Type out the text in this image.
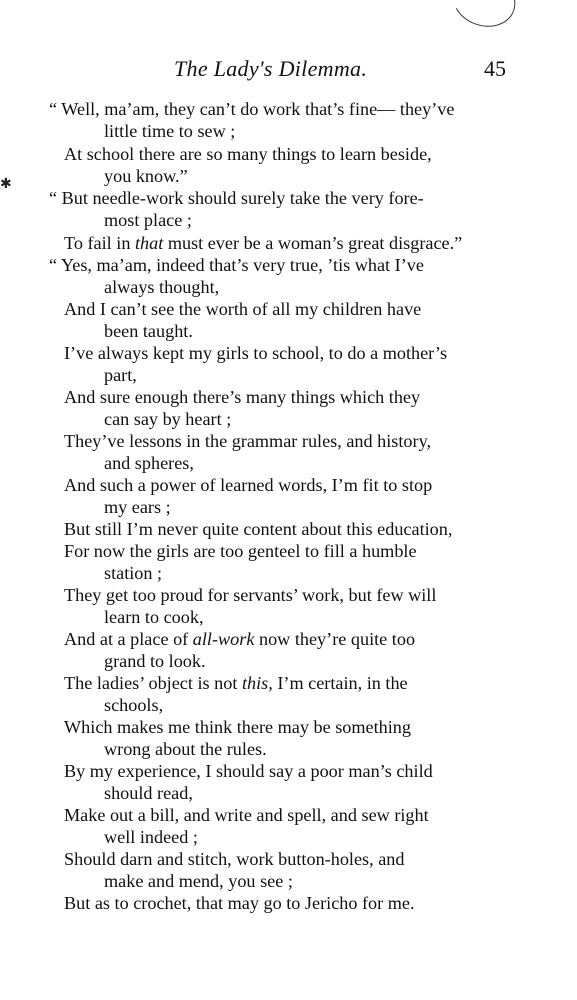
✱
The Lady's Dilemma.	45
“ Well, ma’am, they can’t do work that’s fine— they’ve
little time to sew ;
At school there are so many things to learn beside,
you know.”
“ But needle-work should surely take the very fore-
most place ;
To fail in that must ever be a woman’s great disgrace.”
“ Yes, ma’am, indeed that’s very true, ’tis what I’ve
always thought,
And I can’t see the worth of all my children have
been taught.
I’ve always kept my girls to school, to do a mother’s
part,
And sure enough there’s many things which they
can say by heart ;
They’ve lessons in the grammar rules, and history,
and spheres,
And such a power of learned words, I’m fit to stop
my ears ;
But still I’m never quite content about this education,
For now the girls are too genteel to fill a humble
station ;
They get too proud for servants’ work, but few will
learn to cook,
And at a place of all-work now they’re quite too
grand to look.
The ladies’ object is not this, I’m certain, in the
schools,
Which makes me think there may be something
wrong about the rules.
By my experience, I should say a poor man’s child
should read,
Make out a bill, and write and spell, and sew right
well indeed ;
Should darn and stitch, work button-holes, and
make and mend, you see ;
But as to crochet, that may go to Jericho for me.
